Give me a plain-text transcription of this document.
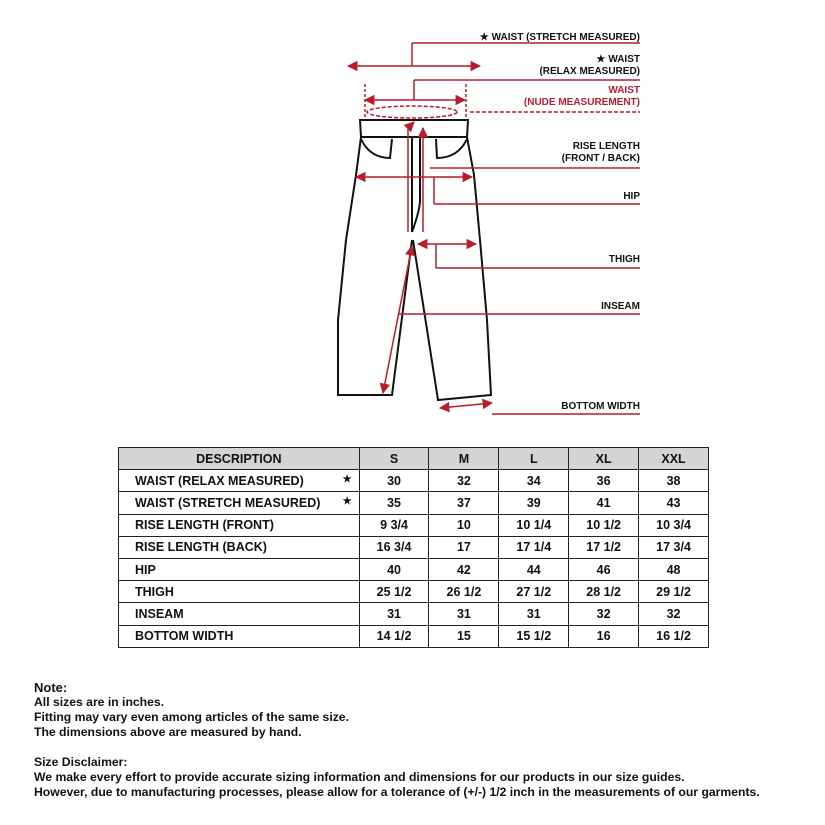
★ WAIST (STRETCH MEASURED)
★ WAIST
(RELAX MEASURED)
WAIST
(NUDE MEASUREMENT)
RISE LENGTH
(FRONT / BACK)
HIP
THIGH
INSEAM
BOTTOM WIDTH
DESCRIPTION	S	M	L	XL	XXL
WAIST (RELAX MEASURED) ★	30	32	34	36	38
WAIST (STRETCH MEASURED) ★	35	37	39	41	43
RISE LENGTH (FRONT)	9 3/4	10	10 1/4	10 1/2	10 3/4
RISE LENGTH (BACK)	16 3/4	17	17 1/4	17 1/2	17 3/4
HIP	40	42	44	46	48
THIGH	25 1/2	26 1/2	27 1/2	28 1/2	29 1/2
INSEAM	31	31	31	32	32
BOTTOM WIDTH	14 1/2	15	15 1/2	16	16 1/2

Note:

All sizes are in inches.

Fitting may vary even among articles of the same size.

The dimensions above are measured by hand.

Size Disclaimer:

We make every effort to provide accurate sizing information and dimensions for our products in our size guides.

However, due to manufacturing processes, please allow for a tolerance of (+/-) 1/2 inch in the measurements of our garments.
